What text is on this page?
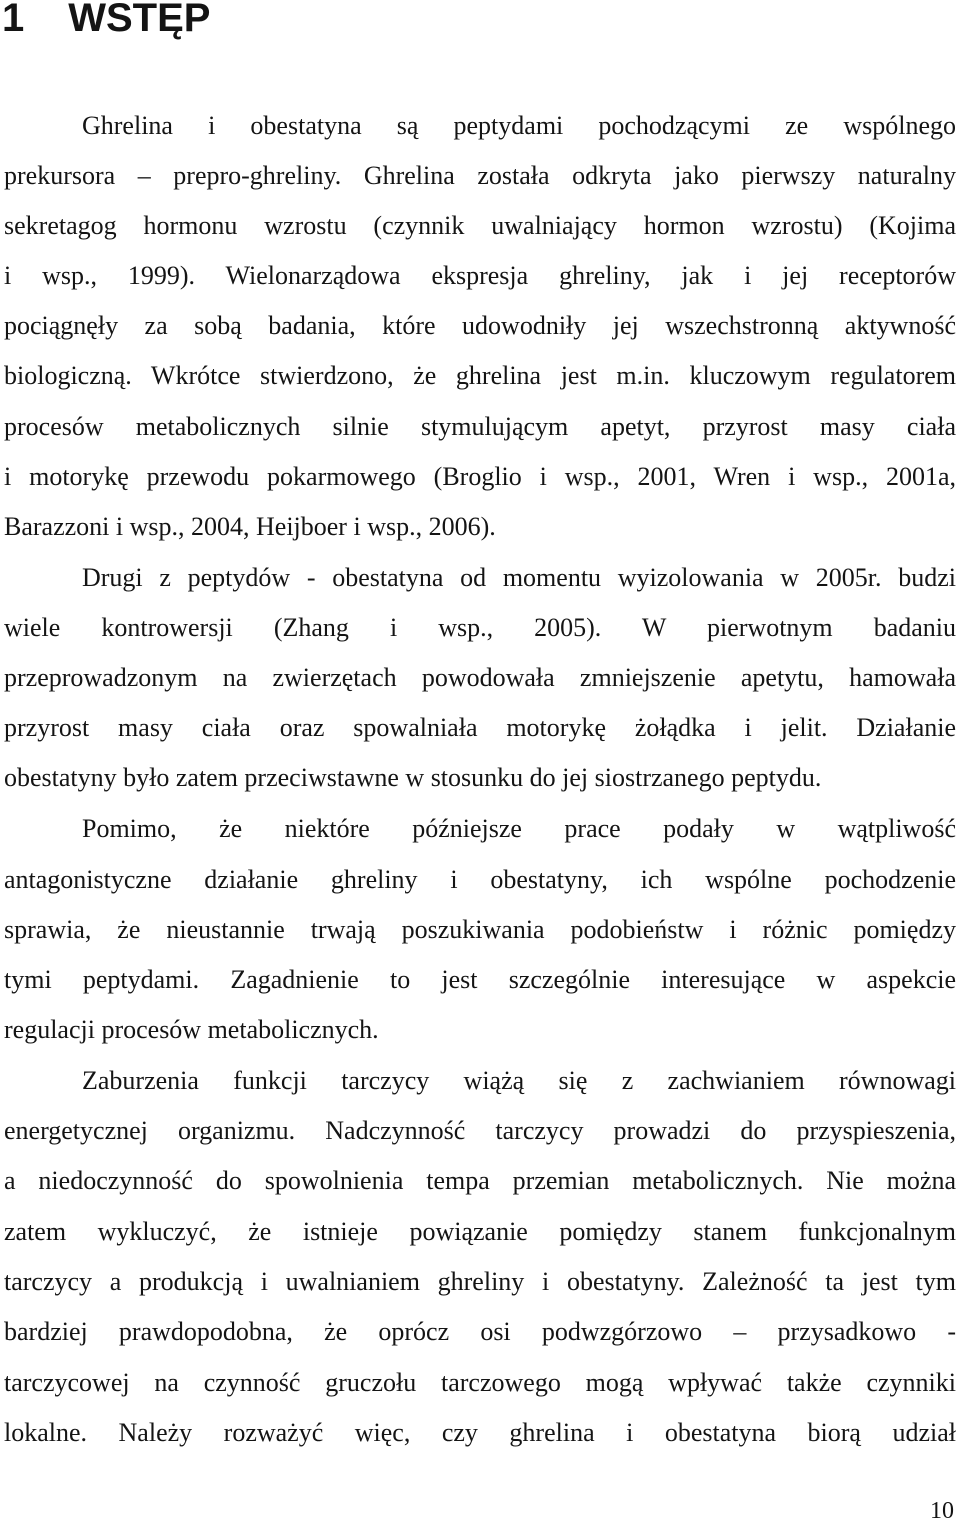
1 WSTĘP
Ghrelina i obestatyna są peptydami pochodzącymi ze wspólnego
prekursora – prepro-ghreliny. Ghrelina została odkryta jako pierwszy naturalny
sekretagog hormonu wzrostu (czynnik uwalniający hormon wzrostu) (Kojima
i wsp., 1999). Wielonarządowa ekspresja ghreliny, jak i jej receptorów
pociągnęły za sobą badania, które udowodniły jej wszechstronną aktywność
biologiczną. Wkrótce stwierdzono, że ghrelina jest m.in. kluczowym regulatorem
procesów metabolicznych silnie stymulującym apetyt, przyrost masy ciała
i motorykę przewodu pokarmowego (Broglio i wsp., 2001, Wren i wsp., 2001a,
Barazzoni i wsp., 2004, Heijboer i wsp., 2006).
Drugi z peptydów - obestatyna od momentu wyizolowania w 2005r. budzi
wiele kontrowersji (Zhang i wsp., 2005). W pierwotnym badaniu
przeprowadzonym na zwierzętach powodowała zmniejszenie apetytu, hamowała
przyrost masy ciała oraz spowalniała motorykę żołądka i jelit. Działanie
obestatyny było zatem przeciwstawne w stosunku do jej siostrzanego peptydu.
Pomimo, że niektóre późniejsze prace podały w wątpliwość
antagonistyczne działanie ghreliny i obestatyny, ich wspólne pochodzenie
sprawia, że nieustannie trwają poszukiwania podobieństw i różnic pomiędzy
tymi peptydami. Zagadnienie to jest szczególnie interesujące w aspekcie
regulacji procesów metabolicznych.
Zaburzenia funkcji tarczycy wiążą się z zachwianiem równowagi
energetycznej organizmu. Nadczynność tarczycy prowadzi do przyspieszenia,
a niedoczynność do spowolnienia tempa przemian metabolicznych. Nie można
zatem wykluczyć, że istnieje powiązanie pomiędzy stanem funkcjonalnym
tarczycy a produkcją i uwalnianiem ghreliny i obestatyny. Zależność ta jest tym
bardziej prawdopodobna, że oprócz osi podwzgórzowo – przysadkowo -
tarczycowej na czynność gruczołu tarczowego mogą wpływać także czynniki
lokalne. Należy rozważyć więc, czy ghrelina i obestatyna biorą udział
10
